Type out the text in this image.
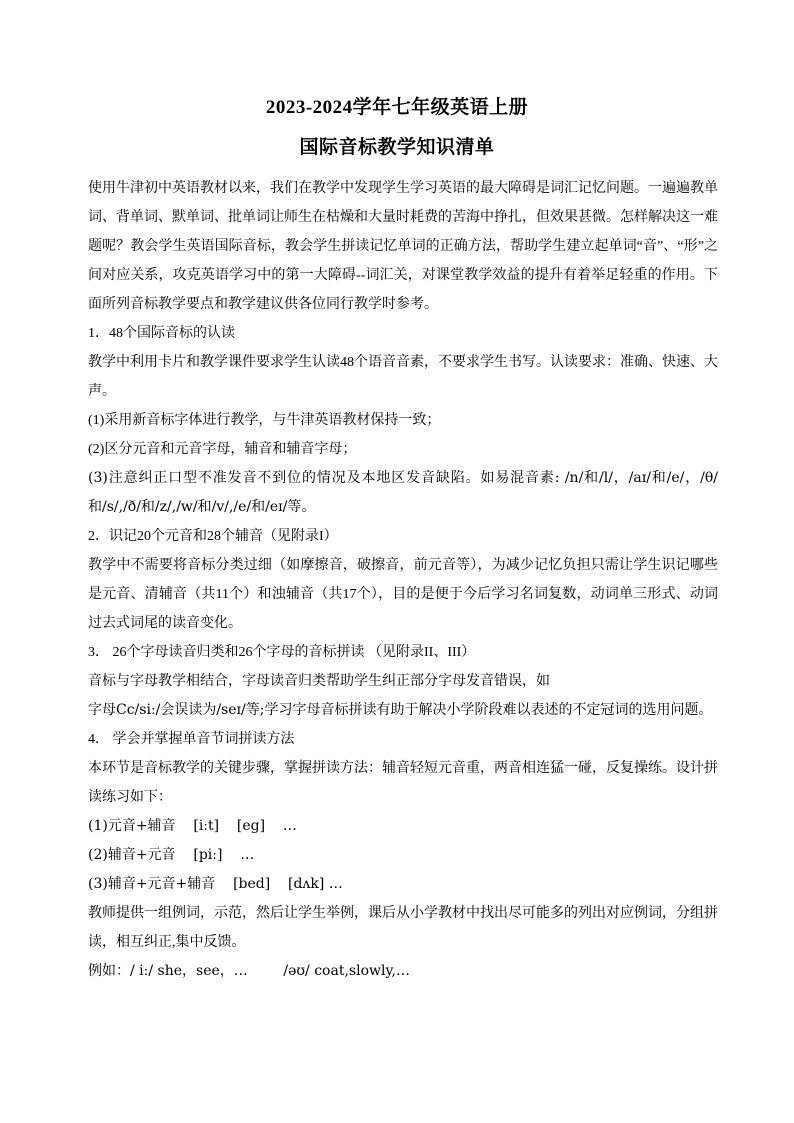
2023-2024学年七年级英语上册
国际音标教学知识清单

使用牛津初中英语教材以来，我们在教学中发现学生学习英语的最大障碍是词汇记忆问题。一遍遍教单词、背单词、默单词、批单词让师生在枯燥和大量时耗费的苦海中挣扎，但效果甚微。怎样解决这一难题呢？教会学生英语国际音标，教会学生拼读记忆单词的正确方法，帮助学生建立起单词“音”、“形”之间对应关系，攻克英语学习中的第一大障碍--词汇关，对课堂教学效益的提升有着举足轻重的作用。下面所列音标教学要点和教学建议供各位同行教学时参考。

1．48个国际音标的认读

教学中利用卡片和教学课件要求学生认读48个语音音素，不要求学生书写。认读要求：准确、快速、大声。

(1)采用新音标字体进行教学，与牛津英语教材保持一致；

(2)区分元音和元音字母，辅音和辅音字母；

(3)注意纠正口型不准发音不到位的情况及本地区发音缺陷。如易混音素: /n/和/l/，/aɪ/和/e/，/θ/和/s/,/ð/和/z/,/w/和/v/,/e/和/eɪ/等。

2．识记20个元音和28个辅音（见附录I）

教学中不需要将音标分类过细（如摩擦音，破擦音，前元音等），为减少记忆负担只需让学生识记哪些是元音、清辅音（共11个）和浊辅音（共17个），目的是便于今后学习名词复数，动词单三形式、动词过去式词尾的读音变化。

3． 26个字母读音归类和26个字母的音标拼读 （见附录II、III）

音标与字母教学相结合，字母读音归类帮助学生纠正部分字母发音错误，如

字母Cc/siː/会误读为/seɪ/等;学习字母音标拼读有助于解决小学阶段难以表述的不定冠词的选用问题。

4． 学会并掌握单音节词拼读方法

本环节是音标教学的关键步骤，掌握拼读方法：辅音轻短元音重，两音相连猛一碰，反复操练。设计拼读练习如下：

(1)元音+辅音    [iːt]    [eg]    …

(2)辅音+元音    [piː]    …

(3)辅音+元音+辅音    [bed]    [dʌk] …

教师提供一组例词，示范，然后让学生举例，课后从小学教材中找出尽可能多的列出对应例词，分组拼读，相互纠正,集中反馈。

例如：/ iː/ she，see，…        /əʊ/ coat,slowly,…
